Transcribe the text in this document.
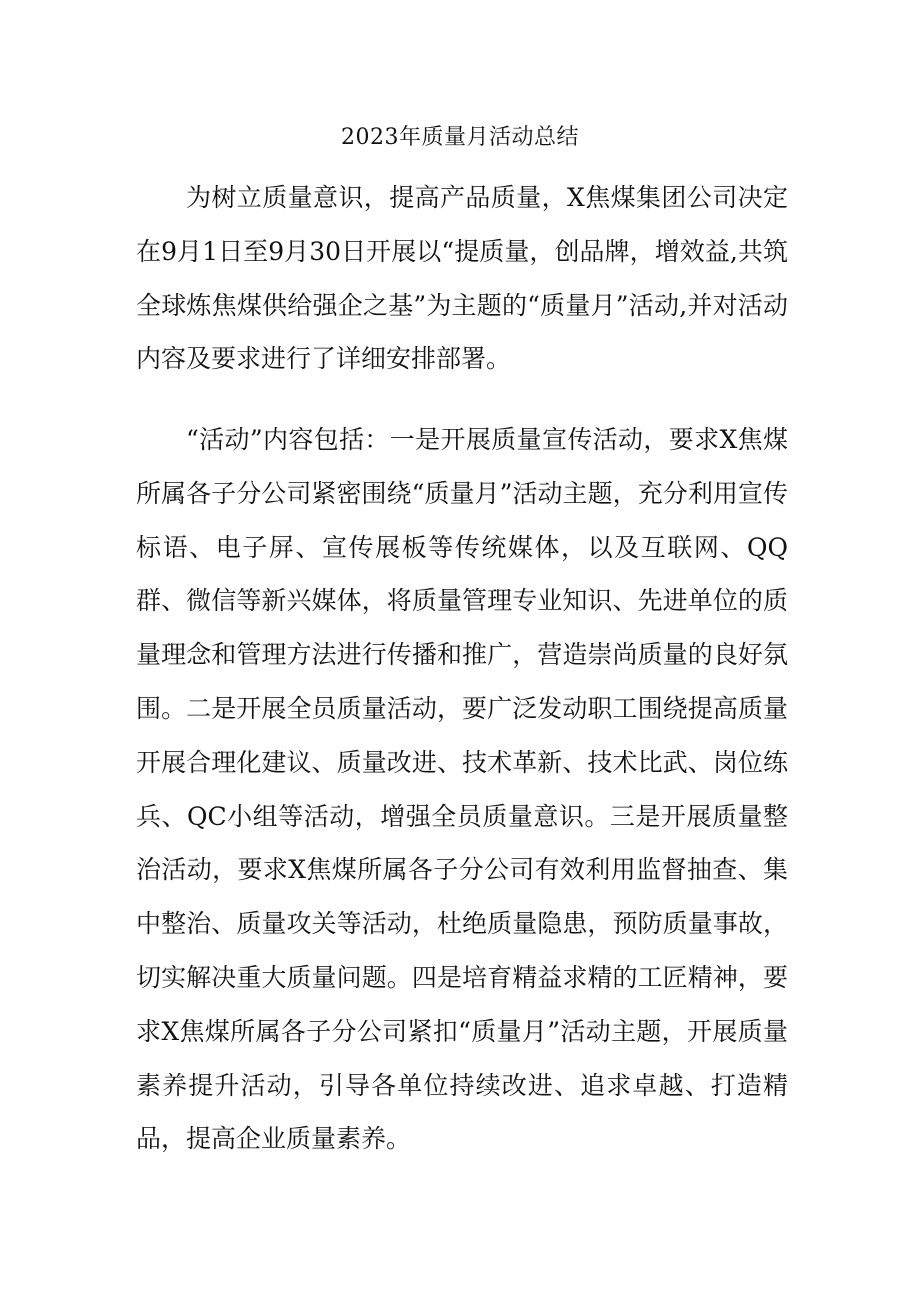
2023年质量月活动总结

为树立质量意识，提高产品质量，X焦煤集团公司决定在9月1日至9月30日开展以“提质量，创品牌，增效益,共筑全球炼焦煤供给强企之基”为主题的“质量月”活动,并对活动内容及要求进行了详细安排部署。

“活动”内容包括：一是开展质量宣传活动，要求X焦煤所属各子分公司紧密围绕“质量月”活动主题，充分利用宣传标语、电子屏、宣传展板等传统媒体，以及互联网、QQ群、微信等新兴媒体，将质量管理专业知识、先进单位的质量理念和管理方法进行传播和推广，营造崇尚质量的良好氛围。二是开展全员质量活动，要广泛发动职工围绕提高质量开展合理化建议、质量改进、技术革新、技术比武、岗位练兵、QC小组等活动，增强全员质量意识。三是开展质量整治活动，要求X焦煤所属各子分公司有效利用监督抽查、集中整治、质量攻关等活动，杜绝质量隐患，预防质量事故，切实解决重大质量问题。四是培育精益求精的工匠精神，要求X焦煤所属各子分公司紧扣“质量月”活动主题，开展质量素养提升活动，引导各单位持续改进、追求卓越、打造精品，提高企业质量素养。
